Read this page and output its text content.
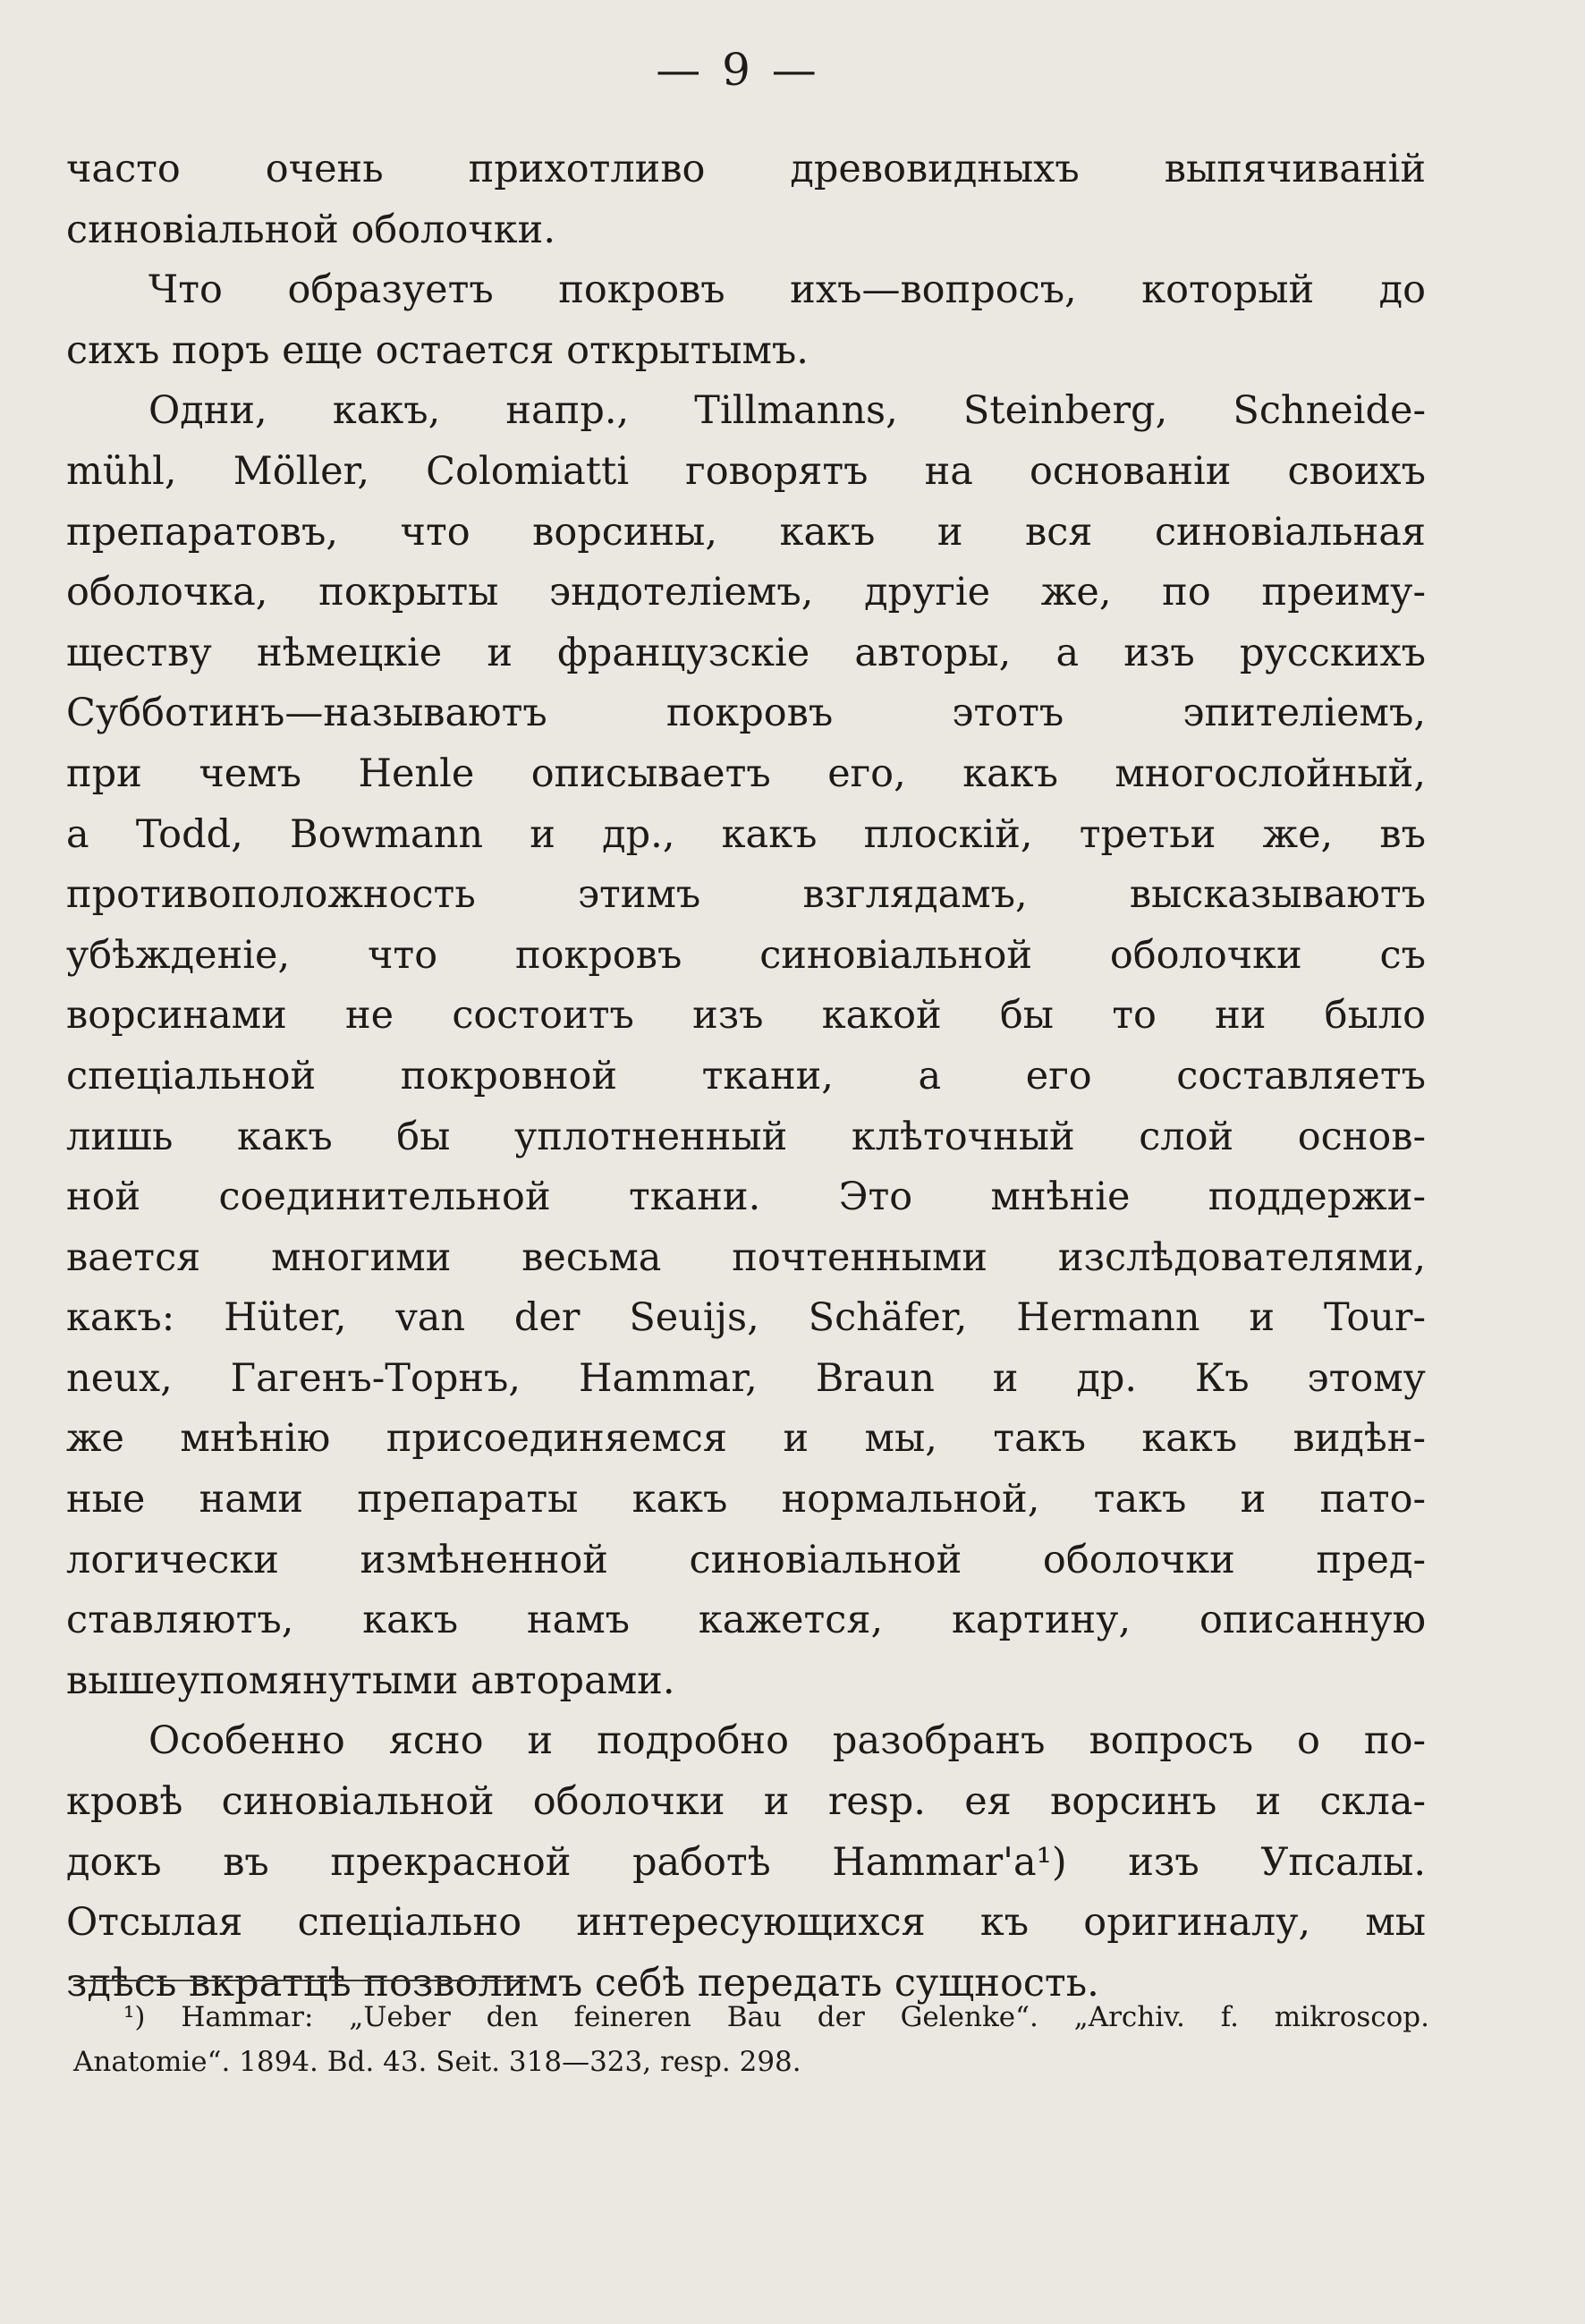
— 9 —
часто очень прихотливо древовидныхъ выпячиваній
синовіальной оболочки.
Что образуетъ покровъ ихъ—вопросъ, который до
сихъ поръ еще остается открытымъ.
Одни, какъ, напр., Tillmanns, Steinberg, Schneide-
mühl, Möller, Colomiatti говорятъ на основаніи своихъ
препаратовъ, что ворсины, какъ и вся синовіальная
оболочка, покрыты эндотеліемъ, другіе же, по преиму-
ществу нѣмецкіе и французскіе авторы, а изъ русскихъ
Субботинъ—называютъ покровъ этотъ эпителіемъ,
при чемъ Henle описываетъ его, какъ многослойный,
а Todd, Bowmann и др., какъ плоскій, третьи же, въ
противоположность этимъ взглядамъ, высказываютъ
убѣжденіе, что покровъ синовіальной оболочки съ
ворсинами не состоитъ изъ какой бы то ни было
спеціальной покровной ткани, а его составляетъ
лишь какъ бы уплотненный клѣточный слой основ-
ной соединительной ткани. Это мнѣніе поддержи-
вается многими весьма почтенными изслѣдователями,
какъ: Hüter, van der Seuijs, Schäfer, Hermann и Tour-
neux, Гагенъ-Торнъ, Hammar, Braun и др. Къ этому
же мнѣнію присоединяемся и мы, такъ какъ видѣн-
ные нами препараты какъ нормальной, такъ и пато-
логически измѣненной синовіальной оболочки пред-
ставляютъ, какъ намъ кажется, картину, описанную
вышеупомянутыми авторами.
Особенно ясно и подробно разобранъ вопросъ о по-
кровѣ синовіальной оболочки и resp. ея ворсинъ и скла-
докъ въ прекрасной работѣ Hammar'а¹) изъ Упсалы.
Отсылая спеціально интересующихся къ оригиналу, мы
здѣсь вкратцѣ позволимъ себѣ передать сущность.
¹) Hammar: „Ueber den feineren Bau der Gelenke“. „Archiv. f. mikroscop.
Anatomie“. 1894. Bd. 43. Seit. 318—323, resp. 298.
